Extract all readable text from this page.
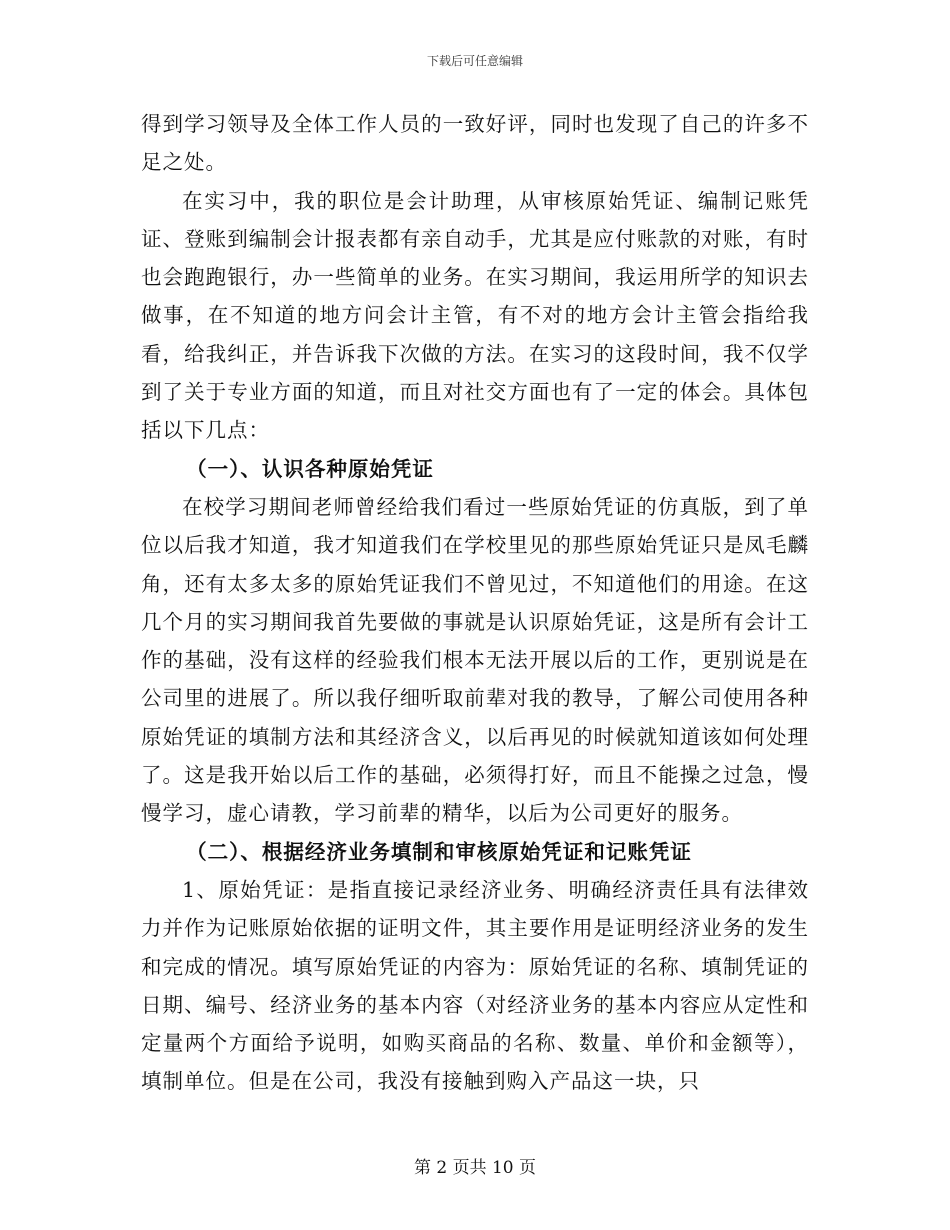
下载后可任意编辑

得到学习领导及全体工作人员的一致好评，同时也发现了自己的许多不足之处。

在实习中，我的职位是会计助理，从审核原始凭证、编制记账凭证、登账到编制会计报表都有亲自动手，尤其是应付账款的对账，有时也会跑跑银行，办一些简单的业务。在实习期间，我运用所学的知识去做事，在不知道的地方问会计主管，有不对的地方会计主管会指给我看，给我纠正，并告诉我下次做的方法。在实习的这段时间，我不仅学到了关于专业方面的知道，而且对社交方面也有了一定的体会。具体包括以下几点：

（一）、认识各种原始凭证

在校学习期间老师曾经给我们看过一些原始凭证的仿真版，到了单位以后我才知道，我才知道我们在学校里见的那些原始凭证只是凤毛麟角，还有太多太多的原始凭证我们不曾见过，不知道他们的用途。在这几个月的实习期间我首先要做的事就是认识原始凭证，这是所有会计工作的基础，没有这样的经验我们根本无法开展以后的工作，更别说是在公司里的进展了。所以我仔细听取前辈对我的教导，了解公司使用各种原始凭证的填制方法和其经济含义，以后再见的时候就知道该如何处理了。这是我开始以后工作的基础，必须得打好，而且不能操之过急，慢慢学习，虚心请教，学习前辈的精华，以后为公司更好的服务。

（二）、根据经济业务填制和审核原始凭证和记账凭证

1、原始凭证：是指直接记录经济业务、明确经济责任具有法律效力并作为记账原始依据的证明文件，其主要作用是证明经济业务的发生和完成的情况。填写原始凭证的内容为：原始凭证的名称、填制凭证的日期、编号、经济业务的基本内容（对经济业务的基本内容应从定性和定量两个方面给予说明，如购买商品的名称、数量、单价和金额等），填制单位。但是在公司，我没有接触到购入产品这一块，只

第 2 页共 10 页
